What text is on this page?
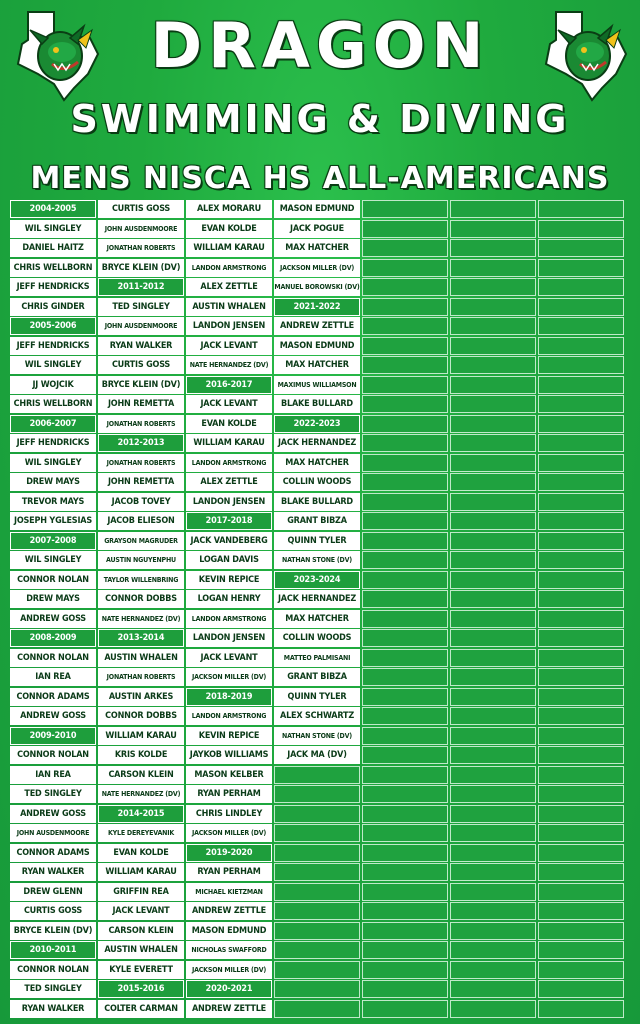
DRAGON
SWIMMING & DIVING
MENS NISCA HS ALL-AMERICANS
2004-2005
WIL SINGLEY
DANIEL HAITZ
CHRIS WELLBORN
JEFF HENDRICKS
CHRIS GINDER
2005-2006
JEFF HENDRICKS
WIL SINGLEY
JJ WOJCIK
CHRIS WELLBORN
2006-2007
JEFF HENDRICKS
WIL SINGLEY
DREW MAYS
TREVOR MAYS
JOSEPH YGLESIAS
2007-2008
WIL SINGLEY
CONNOR NOLAN
DREW MAYS
ANDREW GOSS
2008-2009
CONNOR NOLAN
IAN REA
CONNOR ADAMS
ANDREW GOSS
2009-2010
CONNOR NOLAN
IAN REA
TED SINGLEY
ANDREW GOSS
JOHN AUSDENMOORE
CONNOR ADAMS
RYAN WALKER
DREW GLENN
CURTIS GOSS
BRYCE KLEIN (DV)
2010-2011
CONNOR NOLAN
TED SINGLEY
RYAN WALKER
CURTIS GOSS
JOHN AUSDENMOORE
JONATHAN ROBERTS
BRYCE KLEIN (DV)
2011-2012
TED SINGLEY
JOHN AUSDENMOORE
RYAN WALKER
CURTIS GOSS
BRYCE KLEIN (DV)
JOHN REMETTA
JONATHAN ROBERTS
2012-2013
JONATHAN ROBERTS
JOHN REMETTA
JACOB TOVEY
JACOB ELIESON
GRAYSON MAGRUDER
AUSTIN NGUYENPHU
TAYLOR WILLENBRING
CONNOR DOBBS
NATE HERNANDEZ (DV)
2013-2014
AUSTIN WHALEN
JONATHAN ROBERTS
AUSTIN ARKES
CONNOR DOBBS
WILLIAM KARAU
KRIS KOLDE
CARSON KLEIN
NATE HERNANDEZ (DV)
2014-2015
KYLE DEREYEVANIK
EVAN KOLDE
WILLIAM KARAU
GRIFFIN REA
JACK LEVANT
CARSON KLEIN
AUSTIN WHALEN
KYLE EVERETT
2015-2016
COLTER CARMAN
ALEX MORARU
EVAN KOLDE
WILLIAM KARAU
LANDON ARMSTRONG
ALEX ZETTLE
AUSTIN WHALEN
LANDON JENSEN
JACK LEVANT
NATE HERNANDEZ (DV)
2016-2017
JACK LEVANT
EVAN KOLDE
WILLIAM KARAU
LANDON ARMSTRONG
ALEX ZETTLE
LANDON JENSEN
2017-2018
JACK VANDEBERG
LOGAN DAVIS
KEVIN REPICE
LOGAN HENRY
LANDON ARMSTRONG
LANDON JENSEN
JACK LEVANT
JACKSON MILLER (DV)
2018-2019
LANDON ARMSTRONG
KEVIN REPICE
JAYKOB WILLIAMS
MASON KELBER
RYAN PERHAM
CHRIS LINDLEY
JACKSON MILLER (DV)
2019-2020
RYAN PERHAM
MICHAEL KIETZMAN
ANDREW ZETTLE
MASON EDMUND
NICHOLAS SWAFFORD
JACKSON MILLER (DV)
2020-2021
ANDREW ZETTLE
MASON EDMUND
JACK POGUE
MAX HATCHER
JACKSON MILLER (DV)
MANUEL BOROWSKI (DV)
2021-2022
ANDREW ZETTLE
MASON EDMUND
MAX HATCHER
MAXIMUS WILLIAMSON
BLAKE BULLARD
2022-2023
JACK HERNANDEZ
MAX HATCHER
COLLIN WOODS
BLAKE BULLARD
GRANT BIBZA
QUINN TYLER
NATHAN STONE (DV)
2023-2024
JACK HERNANDEZ
MAX HATCHER
COLLIN WOODS
MATTEO PALMISANI
GRANT BIBZA
QUINN TYLER
ALEX SCHWARTZ
NATHAN STONE (DV)
JACK MA (DV)
